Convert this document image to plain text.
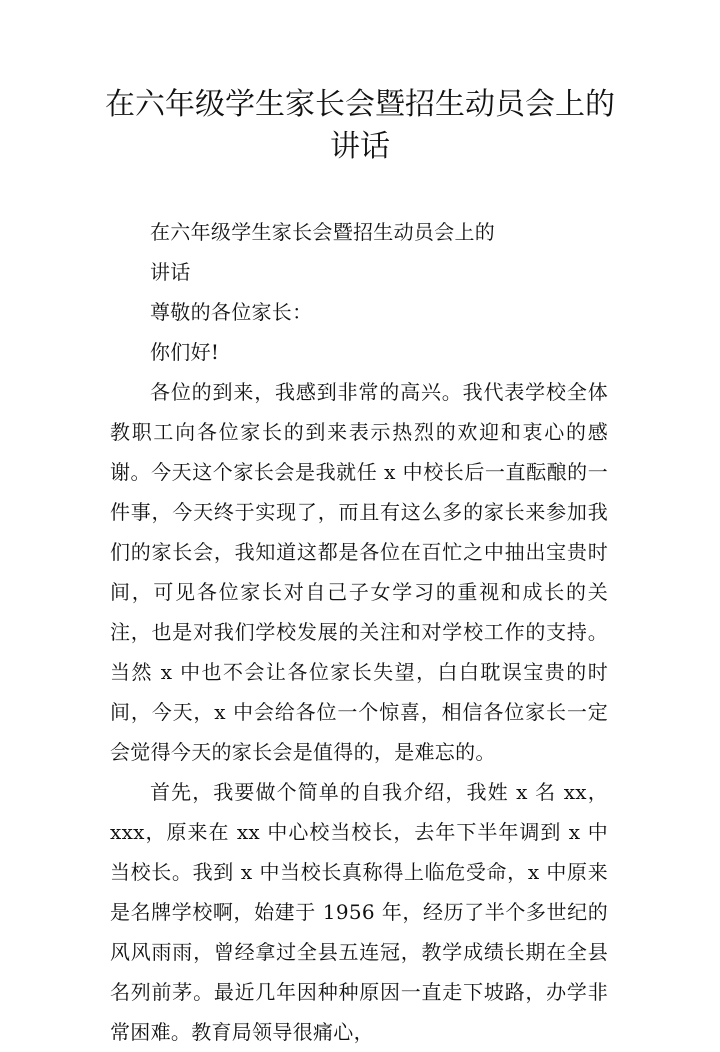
在六年级学生家长会暨招生动员会上的讲话

在六年级学生家长会暨招生动员会上的

讲话

尊敬的各位家长：

你们好!

各位的到来，我感到非常的高兴。我代表学校全体教职工向各位家长的到来表示热烈的欢迎和衷心的感谢。今天这个家长会是我就任 x 中校长后一直酝酿的一件事，今天终于实现了，而且有这么多的家长来参加我们的家长会，我知道这都是各位在百忙之中抽出宝贵时间，可见各位家长对自己子女学习的重视和成长的关注，也是对我们学校发展的关注和对学校工作的支持。当然 x 中也不会让各位家长失望，白白耽误宝贵的时间，今天，x 中会给各位一个惊喜，相信各位家长一定会觉得今天的家长会是值得的，是难忘的。

首先，我要做个简单的自我介绍，我姓 x 名 xx，xxx，原来在 xx 中心校当校长，去年下半年调到 x 中当校长。我到 x 中当校长真称得上临危受命，x 中原来是名牌学校啊，始建于 1956 年，经历了半个多世纪的风风雨雨，曾经拿过全县五连冠，教学成绩长期在全县名列前茅。最近几年因种种原因一直走下坡路，办学非常困难。教育局领导很痛心，
